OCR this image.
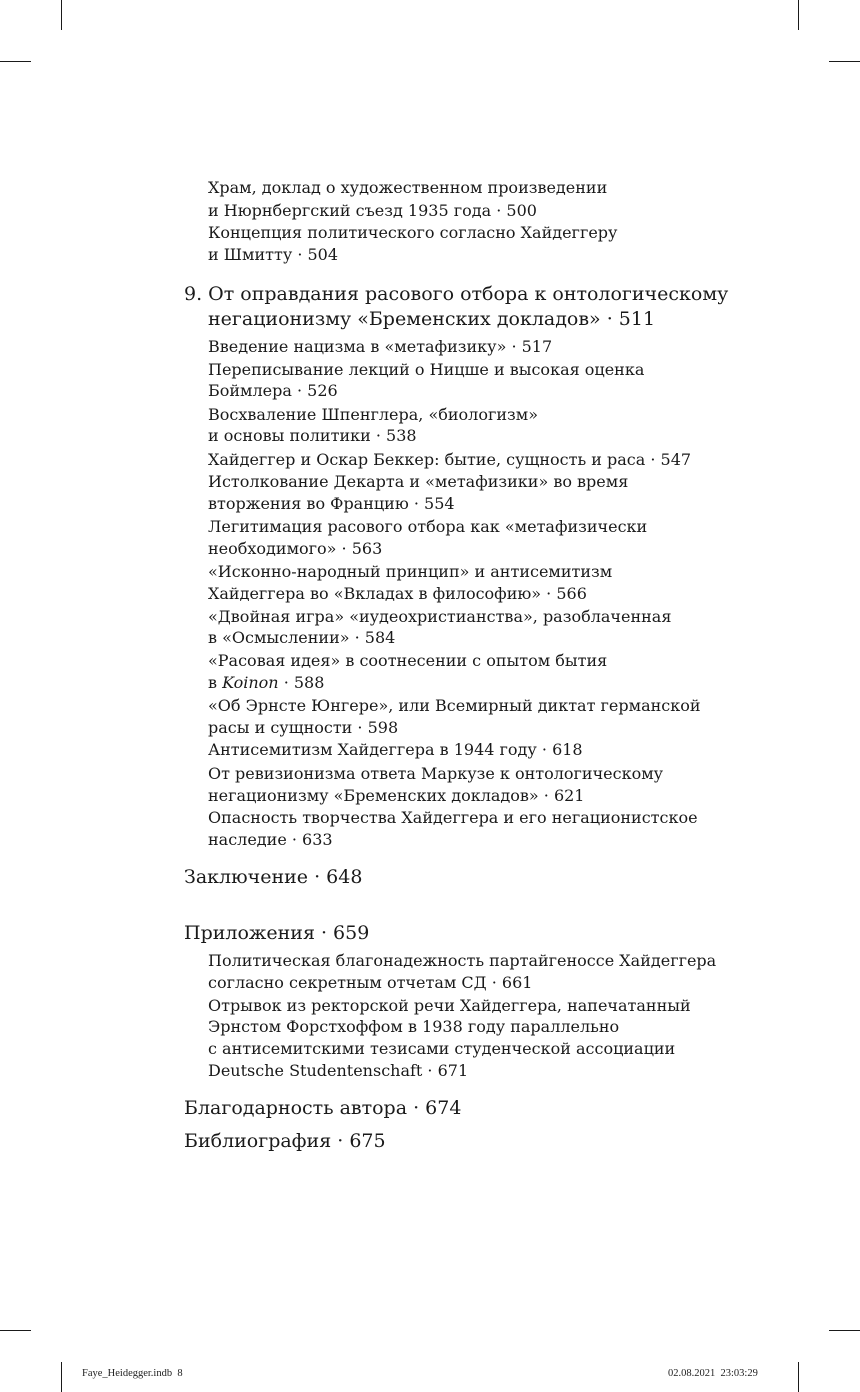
Храм, доклад о художественном произведении
и Нюрнбергский съезд 1935 года · 500
Концепция политического согласно Хайдеггеру
и Шмитту · 504
9. От оправдания расового отбора к онтологическому
негационизму «Бременских докладов» · 511
Введение нацизма в «метафизику» · 517
Переписывание лекций о Ницше и высокая оценка
Боймлера · 526
Восхваление Шпенглера, «биологизм»
и основы политики · 538
Хайдеггер и Оскар Беккер: бытие, сущность и раса · 547
Истолкование Декарта и «метафизики» во время
вторжения во Францию · 554
Легитимация расового отбора как «метафизически
необходимого» · 563
«Исконно-народный принцип» и антисемитизм
Хайдеггера во «Вкладах в философию» · 566
«Двойная игра» «иудеохристианства», разоблаченная
в «Осмыслении» · 584
«Расовая идея» в соотнесении с опытом бытия
в Koinon · 588
«Об Эрнсте Юнгере», или Всемирный диктат германской
расы и сущности · 598
Антисемитизм Хайдеггера в 1944 году · 618
От ревизионизма ответа Маркузе к онтологическому
негационизму «Бременских докладов» · 621
Опасность творчества Хайдеггера и его негационистское
наследие · 633
Заключение · 648
Приложения · 659
Политическая благонадежность партайгеноссе Хайдеггера
согласно секретным отчетам СД · 661
Отрывок из ректорской речи Хайдеггера, напечатанный
Эрнстом Форстхоффом в 1938 году параллельно
с антисемитскими тезисами студенческой ассоциации
Deutsche Studentenschaft · 671
Благодарность автора · 674
Библиография · 675
Faye_Heidegger.indb 8	02.08.2021 23:03:29
